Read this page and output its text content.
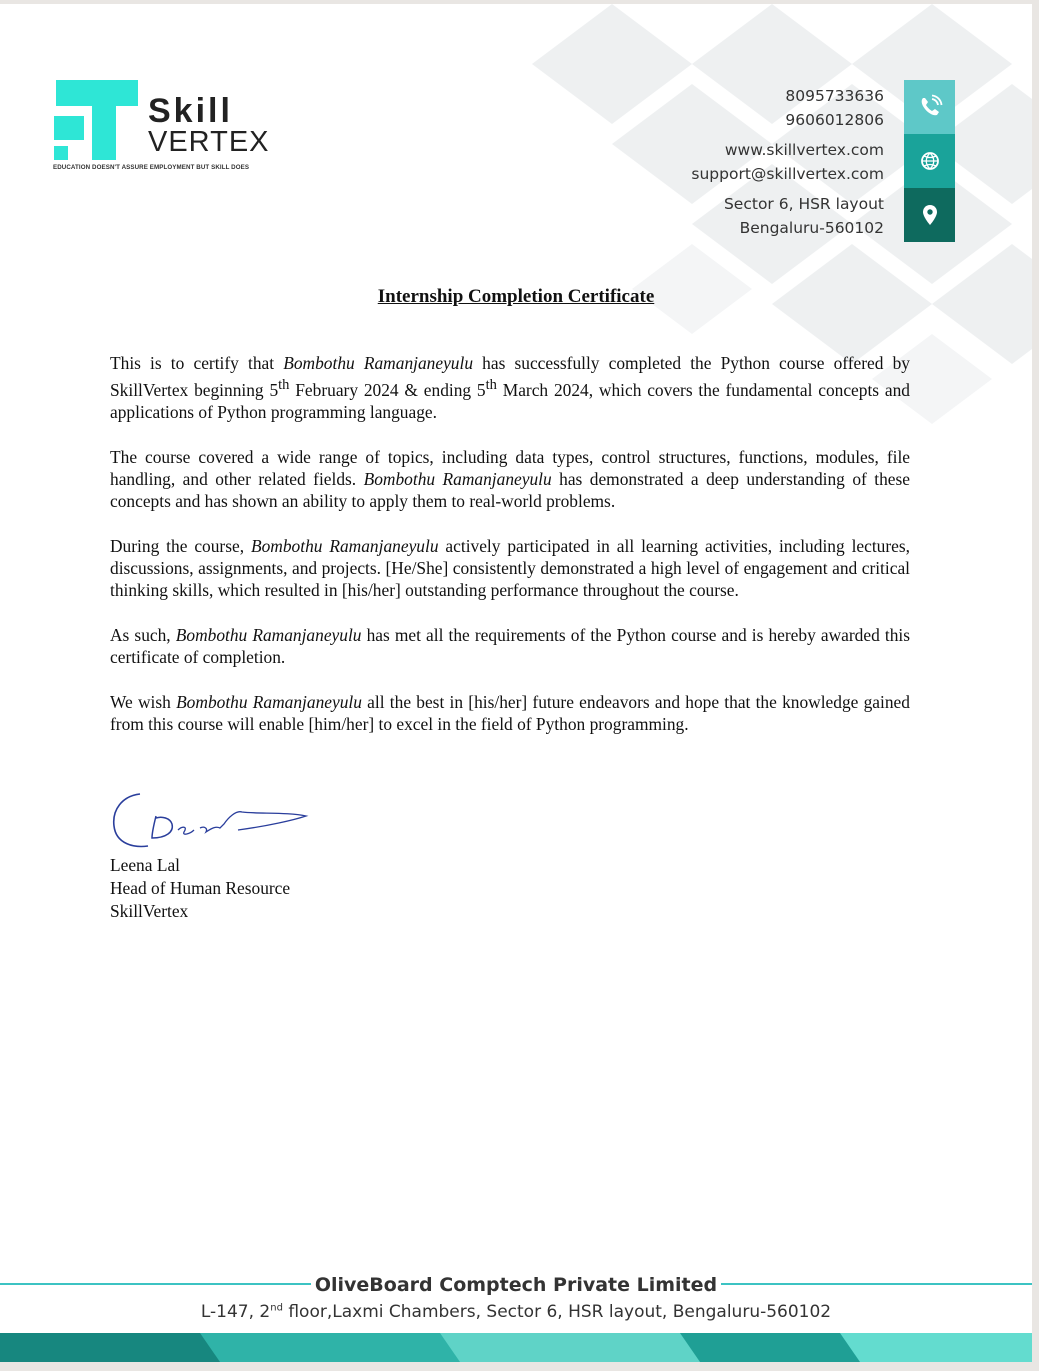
Skill
VERTEX
EDUCATION DOESN'T ASSURE EMPLOYMENT BUT SKILL DOES
8095733636
9606012806
www.skillvertex.com
support@skillvertex.com
Sector 6, HSR layout
Bengaluru-560102
Internship Completion Certificate

This is to certify that Bombothu Ramanjaneyulu has successfully completed the Python course offered by SkillVertex beginning 5th February 2024 & ending 5th March 2024, which covers the fundamental concepts and applications of Python programming language.

The course covered a wide range of topics, including data types, control structures, functions, modules, file handling, and other related fields. Bombothu Ramanjaneyulu has demonstrated a deep understanding of these concepts and has shown an ability to apply them to real-world problems.

During the course, Bombothu Ramanjaneyulu actively participated in all learning activities, including lectures, discussions, assignments, and projects. [He/She] consistently demonstrated a high level of engagement and critical thinking skills, which resulted in [his/her] outstanding performance throughout the course.

As such, Bombothu Ramanjaneyulu has met all the requirements of the Python course and is hereby awarded this certificate of completion.

We wish Bombothu Ramanjaneyulu all the best in [his/her] future endeavors and hope that the knowledge gained from this course will enable [him/her] to excel in the field of Python programming.

Leena Lal
Head of Human Resource
SkillVertex
OliveBoard Comptech Private Limited
L-147, 2nd floor,Laxmi Chambers, Sector 6, HSR layout, Bengaluru-560102
